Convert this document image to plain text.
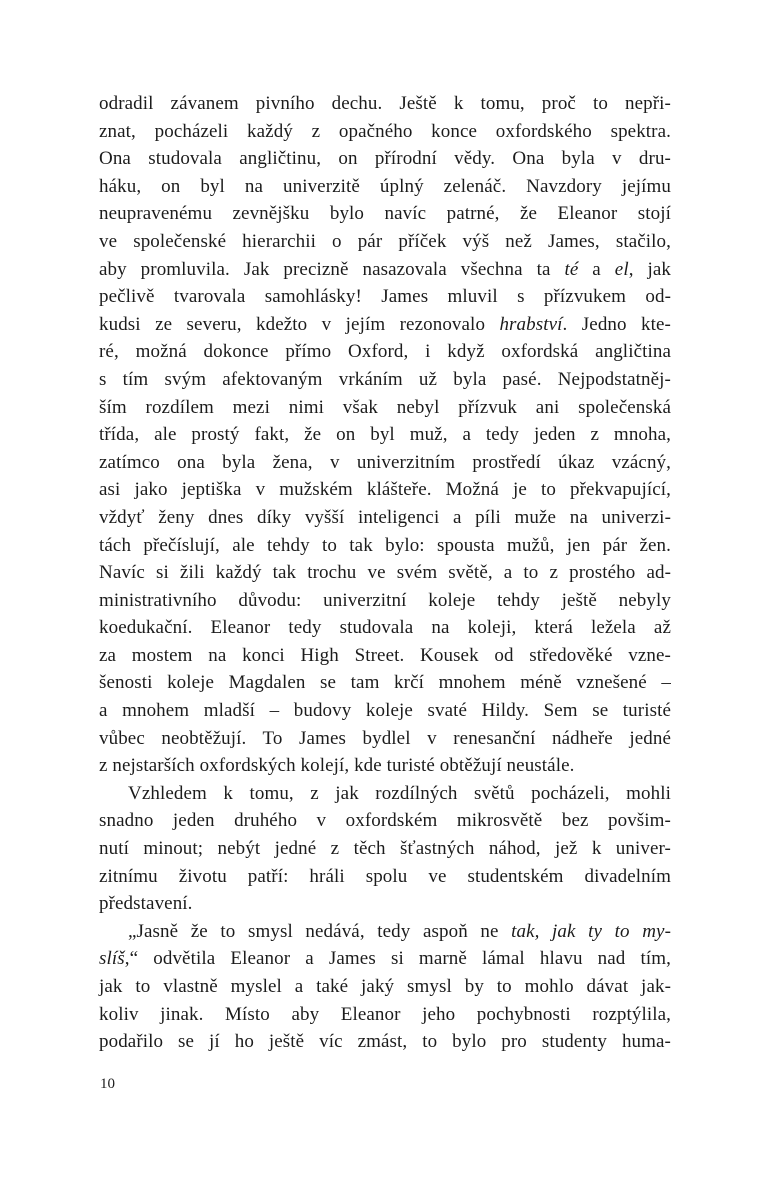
odradil závanem pivního dechu. Ještě k tomu, proč to nepři-
znat, pocházeli každý z opačného konce oxfordského spektra.
Ona studovala angličtinu, on přírodní vědy. Ona byla v dru-
háku, on byl na univerzitě úplný zelenáč. Navzdory jejímu
neupravenému zevnějšku bylo navíc patrné, že Eleanor stojí
ve společenské hierarchii o pár příček výš než James, stačilo,
aby promluvila. Jak precizně nasazovala všechna ta té a el, jak
pečlivě tvarovala samohlásky! James mluvil s přízvukem od-
kudsi ze severu, kdežto v jejím rezonovalo hrabství. Jedno kte-
ré, možná dokonce přímo Oxford, i když oxfordská angličtina
s tím svým afektovaným vrkáním už byla pasé. Nejpodstatněj-
ším rozdílem mezi nimi však nebyl přízvuk ani společenská
třída, ale prostý fakt, že on byl muž, a tedy jeden z mnoha,
zatímco ona byla žena, v univerzitním prostředí úkaz vzácný,
asi jako jeptiška v mužském klášteře. Možná je to překvapující,
vždyť ženy dnes díky vyšší inteligenci a píli muže na univerzi-
tách přečíslují, ale tehdy to tak bylo: spousta mužů, jen pár žen.
Navíc si žili každý tak trochu ve svém světě, a to z prostého ad-
ministrativního důvodu: univerzitní koleje tehdy ještě nebyly
koedukační. Eleanor tedy studovala na koleji, která ležela až
za mostem na konci High Street. Kousek od středověké vzne-
šenosti koleje Magdalen se tam krčí mnohem méně vznešené –
a mnohem mladší – budovy koleje svaté Hildy. Sem se turisté
vůbec neobtěžují. To James bydlel v renesanční nádheře jedné
z nejstarších oxfordských kolejí, kde turisté obtěžují neustále.
Vzhledem k tomu, z jak rozdílných světů pocházeli, mohli
snadno jeden druhého v oxfordském mikrosvětě bez povšim-
nutí minout; nebýt jedné z těch šťastných náhod, jež k univer-
zitnímu životu patří: hráli spolu ve studentském divadelním
představení.
„Jasně že to smysl nedává, tedy aspoň ne tak, jak ty to my-
slíš,“ odvětila Eleanor a James si marně lámal hlavu nad tím,
jak to vlastně myslel a také jaký smysl by to mohlo dávat jak-
koliv jinak. Místo aby Eleanor jeho pochybnosti rozptýlila,
podařilo se jí ho ještě víc zmást, to bylo pro studenty huma-
10
